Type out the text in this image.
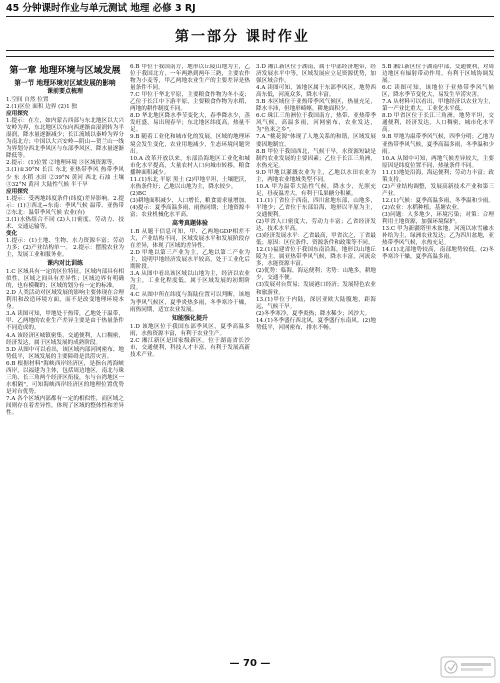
45 分钟课时作业与单元测试 地理 必修 3 RJ
第一部分 课时作业
第一章 地理环境与区域发展
第一节 地理环境对区域发展的影响
课前要点梳理

1.空间 自然 位置

2.(1)区位 面积 边界 (2)1 独

应用探究

1.提示：在左，如内蒙古西部与东北地区以大兴安岭为界，东北地区以东向西逐渐由湿润转为半湿润，降水量逐渐减少；长江流域以秦岭为界分为南北方；中国以大兴安岭—阴山—贺兰山一线为界划分西北季风区与东部季风区，降水量逐渐降低等。

2.提示：(1)位置 ②地理环境 ③区域资源等。

3.(1)①30°N 长江 东北 亚热带季风 热带季风 少 东 水稻 水田 ②39°N 黄河 西北 石油 土壤 ③32°N 黄河 大陆性气候 半干旱

应用探究

1.提示：受两地纬度条件(纬度)差异影响。2.提示：(1)①西北→东南：季风气候 温带、亚热带 ②东北：温带季风气候 农业(有)

3.(1)水热组合不同 (2)人口密度、劳动力、技术、交通运输等。

变化

1.提示：(1)土地、生物、水力资源丰富；劳动力多；(2)产业结构单一。 2.提示：摆脱农业为主，发展工业和服务业。

课内对比训练

1.C 区域具有一定的区位特征，区域内部具有相似性，区域之间具有差异性；区域边界有明确的，也有模糊的；区域的划分有一定的标准。

2.D 人类活动对区域发展的影响主要体现在合理利用和改造环境方面，而不是改变地理环境本身。

3.A 读图可知，甲地处于热带，乙地处于温带，甲、乙两地的农业生产差异主要是由于热量条件不同造成的。

4.A 该经济区城镇密集，交通便利，人口稠密，经济发达，属于区域发展的成熟阶段。

5.D 从图中可以看出，该区域内部河网密布、地势低平，区域发展的主要障碍是洪涝灾害。

6.B 根据材料"海峡西岸经济区，是指台湾海峡西岸，以福建为主体，包括周边地区，南北与珠三角、长三角两个经济区衔接，东与台湾地区一水相隔"，可知海峡西岸经济区的地理位置优势是对台优势。

7.A 各个区域内部都有一定的相似性，而区域之间则存在着差异性，体现了区域的整体性和差异性。

6.B 甲位于我国南方，地形以丘陵山地为主，乙位于我国北方，一年两熟到两年三熟，主要农作物为小麦等，甲乙两地农业生产的主要差异是热量条件不同。

7.C 甲位于华北平原，主要粮食作物为冬小麦；乙位于长江中下游平原，主要粮食作物为水稻，两地的耕作制度不同。

8.D 华北地区降水季节变化大，春季降水少，蒸发旺盛，易出现春旱；东北地区纬度高，热量不足。

9.B 随着工业化和城市化的发展，区域的地理环境会发生变化，农业用地减少，生态环境问题突出。

10.A 改革开放以来，东部沿海地区工业化和城市化水平提高，大量农村人口向城市转移，粮食播种面积减少。

11.(1)东北 平原 黑土 (2)甲地平坦，土壤肥沃，水热条件好；乙地以山地为主，降水较少。

(2)BC

(3)耕地面积减少，人口增长，粮食需求量增加。

(4)提示：夏季高温多雨，雨热同期；土地资源丰富；农业机械化水平高。

高考真题体验

1.B 从题干信息可知，甲、乙两地GDP相差不大，产业结构不同，区域发展水平和发展阶段存在差异，体现了区域的差异性。

2.D 甲地以第三产业为主，乙地以第二产业为主，说明甲地经济发展水平较高，处于工业化后期阶段。

3.A 从图中看出该区域以山地为主，经济以农业为主，工业化程度低，属于区域发展的初期阶段。

4.C 从图中所在纬度与海陆位置可以判断，该地为季风气候区，夏季炎热多雨，冬季寒冷干燥，雨热同期，适宜农业发展。

知能强化提升

1.D 该地区位于我国东部季风区，夏季高温多雨，水热资源丰富，有利于农业生产。

2.C 湘江新区是国家级新区，位于湖南省长沙市，交通便利，科技人才丰富，有利于发展高新技术产业。

3.D 湘江新区位于湖南，属于中部经济地带，经济发展水平中等，区域发展应立足资源优势，加强区域合作。

4.A 读图可知，该地区属于东部季风区，地势西高东低，河流众多，降水丰富。

5.B 本区域位于亚热带季风气候区，热量充足，降水丰沛，但地形崎岖，耕地面积少。

6.C 珠江三角洲位于我国南方，热带、亚热带季风气候，高温多雨，河网密布，农业发达，为"鱼米之乡"。

7.A "桃花源"体现了人地关系的和谐，区域发展要因地制宜。

8.B 甲位于我国西北，气候干旱，水资源短缺是制约农业发展的主要因素；乙位于长江三角洲，水热充足。

9.D 甲地以灌溉农业为主，乙地以水田农业为主，两地农业地域类型不同。

10.A 甲为温带大陆性气候，降水少，光照充足，昼夜温差大，有利于瓜果糖分积累。

11.(1)丁省位于西南，四川盆地东部，山地多，平地少；乙省位于东部沿海，地形以平原为主，交通便利。

(2)甲省人口密度大，劳动力丰富；乙省经济发达，技术水平高。

(3)经济发展水平：乙省最高，甲省次之，丁省最低；原因：区位条件、资源条件和政策等不同。

12.(1)福建省位于我国东南沿海，地形以山地丘陵为主，属亚热带季风气候，降水丰富，河流众多，水能资源丰富。

(2)优势：临海，海运便利；劣势：山地多，耕地少，交通不便。

(3)发展对台贸易；发展港口经济；发展特色农业和旅游业。

13.(1)甲位于内陆，深居亚欧大陆腹地，距海远，气候干旱。

(2)冬季寒冷，夏季炎热；降水稀少；风沙大。

14.(1)冬季盛行西北风，夏季盛行东南风。(2)地势低平，河网密布，排水不畅。

5.B 湘江新区位于湖南中部，交通便利，对周边地区有辐射带动作用，有利于区域协调发展。

6.C 读图可知，该地位于亚热带季风气候区，降水季节变化大，易发生旱涝灾害。

7.A 从材料可以看出，甲地经济以农业为主，第一产业比重大，工业化水平低。

8.D 甲省区位于长江三角洲，地势平坦，交通便利，经济发达，人口稠密，城市化水平高。

9.B 甲地为温带季风气候，四季分明；乙地为亚热带季风气候，夏季高温多雨，冬季温和少雨。

10.A 从图中可知，两地气候差异较大，主要原因是纬度位置不同，热量条件不同。

11.(1)地处沿海，海运便利；劳动力丰富；政策支持。

(2)产业结构调整，发展高新技术产业和第三产业。

12.(1)气候：夏季高温多雨，冬季温和少雨。(2)农业：水稻种植，基塘农业。

(3)问题：人多地少，环境污染；对策：合理利用土地资源，加强环境保护。

13.C 甲为新疆塔里木盆地，河流以冰雪融水补给为主，绿洲农业发达；乙为四川盆地，亚热带季风气候，水热充足。

14.(1)北部地势较高，南部地势较低。(2)冬季寒冷干燥，夏季高温多雨。

— 70 —
